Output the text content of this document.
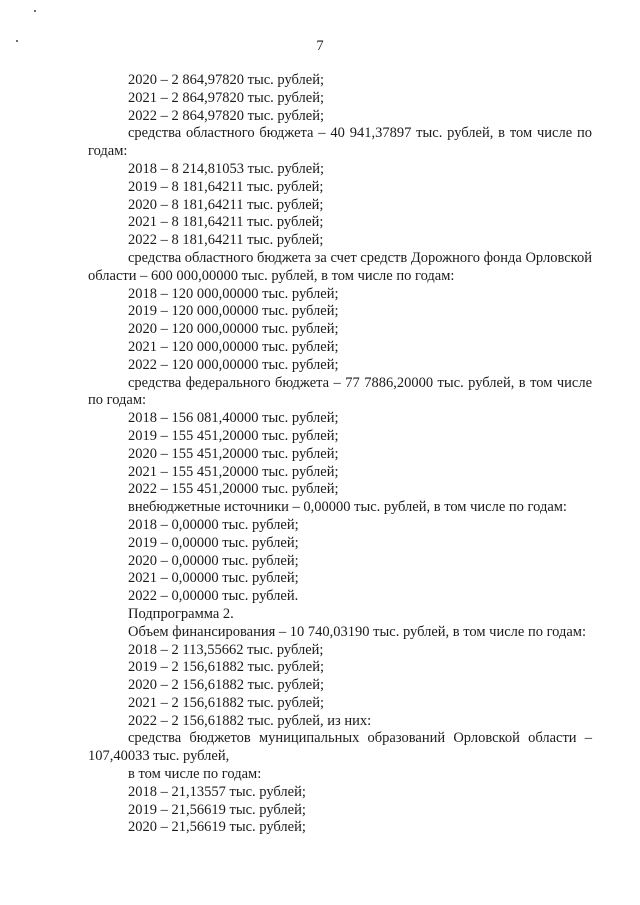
7
2020 – 2 864,97820 тыс. рублей;
2021 – 2 864,97820 тыс. рублей;
2022 – 2 864,97820 тыс. рублей;
средства областного бюджета – 40 941,37897 тыс. рублей, в том числе по годам:
2018 – 8 214,81053 тыс. рублей;
2019 – 8 181,64211 тыс. рублей;
2020 – 8 181,64211 тыс. рублей;
2021 – 8 181,64211 тыс. рублей;
2022 – 8 181,64211 тыс. рублей;
средства областного бюджета за счет средств Дорожного фонда Орловской области – 600 000,00000 тыс. рублей, в том числе по годам:
2018 – 120 000,00000 тыс. рублей;
2019 – 120 000,00000 тыс. рублей;
2020 – 120 000,00000 тыс. рублей;
2021 – 120 000,00000 тыс. рублей;
2022 – 120 000,00000 тыс. рублей;
средства федерального бюджета – 77 7886,20000 тыс. рублей, в том числе по годам:
2018 – 156 081,40000 тыс. рублей;
2019 – 155 451,20000 тыс. рублей;
2020 – 155 451,20000 тыс. рублей;
2021 – 155 451,20000 тыс. рублей;
2022 – 155 451,20000 тыс. рублей;
внебюджетные источники – 0,00000 тыс. рублей, в том числе по годам:
2018 – 0,00000 тыс. рублей;
2019 – 0,00000 тыс. рублей;
2020 – 0,00000 тыс. рублей;
2021 – 0,00000 тыс. рублей;
2022 – 0,00000 тыс. рублей.
Подпрограмма 2.
Объем финансирования – 10 740,03190 тыс. рублей, в том числе по годам:
2018 – 2 113,55662 тыс. рублей;
2019 – 2 156,61882 тыс. рублей;
2020 – 2 156,61882 тыс. рублей;
2021 – 2 156,61882 тыс. рублей;
2022 – 2 156,61882 тыс. рублей, из них:
средства бюджетов муниципальных образований Орловской области – 107,40033 тыс. рублей,
в том числе по годам:
2018 – 21,13557 тыс. рублей;
2019 – 21,56619 тыс. рублей;
2020 – 21,56619 тыс. рублей;
